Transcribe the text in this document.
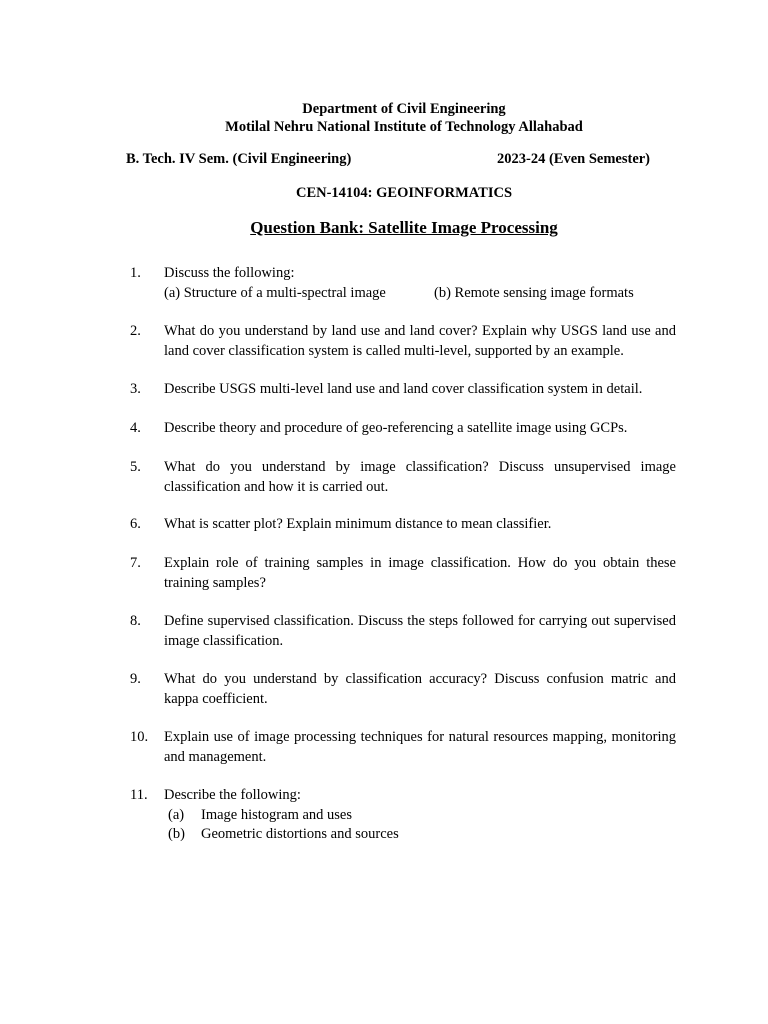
Department of Civil Engineering
Motilal Nehru National Institute of Technology Allahabad
B. Tech. IV Sem. (Civil Engineering)	2023-24 (Even Semester)
CEN-14104: GEOINFORMATICS
Question Bank: Satellite Image Processing
1. Discuss the following:
(a) Structure of a multi-spectral image	(b) Remote sensing image formats
2. What do you understand by land use and land cover? Explain why USGS land use and land cover classification system is called multi-level, supported by an example.
3. Describe USGS multi-level land use and land cover classification system in detail.
4. Describe theory and procedure of geo-referencing a satellite image using GCPs.
5. What do you understand by image classification? Discuss unsupervised image classification and how it is carried out.
6. What is scatter plot? Explain minimum distance to mean classifier.
7. Explain role of training samples in image classification. How do you obtain these training samples?
8. Define supervised classification. Discuss the steps followed for carrying out supervised image classification.
9. What do you understand by classification accuracy? Discuss confusion matric and kappa coefficient.
10. Explain use of image processing techniques for natural resources mapping, monitoring and management.
11. Describe the following:
(a) Image histogram and uses
(b) Geometric distortions and sources
